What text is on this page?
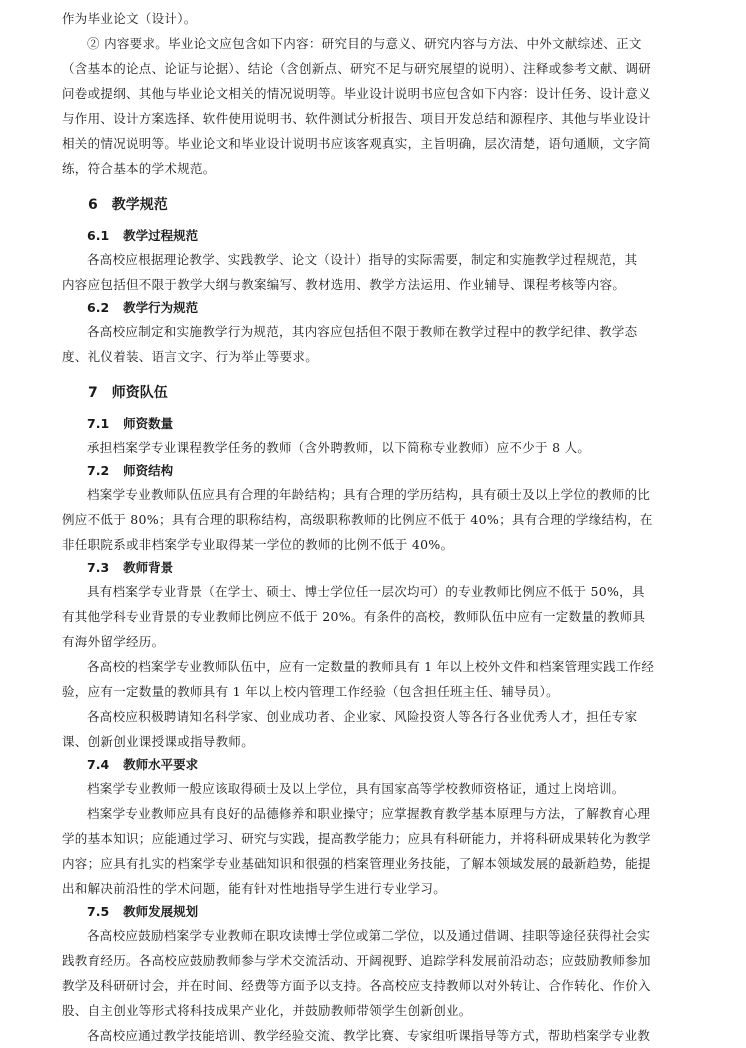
作为毕业论文（设计）。
② 内容要求。毕业论文应包含如下内容：研究目的与意义、研究内容与方法、中外文献综述、正文
（含基本的论点、论证与论据）、结论（含创新点、研究不足与研究展望的说明）、注释或参考文献、调研
问卷或提纲、其他与毕业论文相关的情况说明等。毕业设计说明书应包含如下内容：设计任务、设计意义
与作用、设计方案选择、软件使用说明书、软件测试分析报告、项目开发总结和源程序、其他与毕业设计
相关的情况说明等。毕业论文和毕业设计说明书应该客观真实，主旨明确，层次清楚，语句通顺，文字简
练，符合基本的学术规范。
6 教学规范
6.1 教学过程规范
各高校应根据理论教学、实践教学、论文（设计）指导的实际需要，制定和实施教学过程规范，其
内容应包括但不限于教学大纲与教案编写、教材选用、教学方法运用、作业辅导、课程考核等内容。
6.2 教学行为规范
各高校应制定和实施教学行为规范，其内容应包括但不限于教师在教学过程中的教学纪律、教学态
度、礼仪着装、语言文字、行为举止等要求。
7 师资队伍
7.1 师资数量
承担档案学专业课程教学任务的教师（含外聘教师，以下简称专业教师）应不少于 8 人。
7.2 师资结构
档案学专业教师队伍应具有合理的年龄结构；具有合理的学历结构，具有硕士及以上学位的教师的比
例应不低于 80%；具有合理的职称结构，高级职称教师的比例应不低于 40%；具有合理的学缘结构，在
非任职院系或非档案学专业取得某一学位的教师的比例不低于 40%。
7.3 教师背景
具有档案学专业背景（在学士、硕士、博士学位任一层次均可）的专业教师比例应不低于 50%，具
有其他学科专业背景的专业教师比例应不低于 20%。有条件的高校，教师队伍中应有一定数量的教师具
有海外留学经历。
各高校的档案学专业教师队伍中，应有一定数量的教师具有 1 年以上校外文件和档案管理实践工作经
验，应有一定数量的教师具有 1 年以上校内管理工作经验（包含担任班主任、辅导员）。
各高校应积极聘请知名科学家、创业成功者、企业家、风险投资人等各行各业优秀人才，担任专家
课、创新创业课授课或指导教师。
7.4 教师水平要求
档案学专业教师一般应该取得硕士及以上学位，具有国家高等学校教师资格证，通过上岗培训。
档案学专业教师应具有良好的品德修养和职业操守；应掌握教育教学基本原理与方法，了解教育心理
学的基本知识；应能通过学习、研究与实践，提高教学能力；应具有科研能力，并将科研成果转化为教学
内容；应具有扎实的档案学专业基础知识和很强的档案管理业务技能，了解本领域发展的最新趋势，能提
出和解决前沿性的学术问题，能有针对性地指导学生进行专业学习。
7.5 教师发展规划
各高校应鼓励档案学专业教师在职攻读博士学位或第二学位，以及通过借调、挂职等途径获得社会实
践教育经历。各高校应鼓励教师参与学术交流活动、开阔视野、追踪学科发展前沿动态；应鼓励教师参加
教学及科研研讨会，并在时间、经费等方面予以支持。各高校应支持教师以对外转让、合作转化、作价入
股、自主创业等形式将科技成果产业化，并鼓励教师带领学生创新创业。
各高校应通过教学技能培训、教学经验交流、教学比赛、专家组听课指导等方式，帮助档案学专业教
